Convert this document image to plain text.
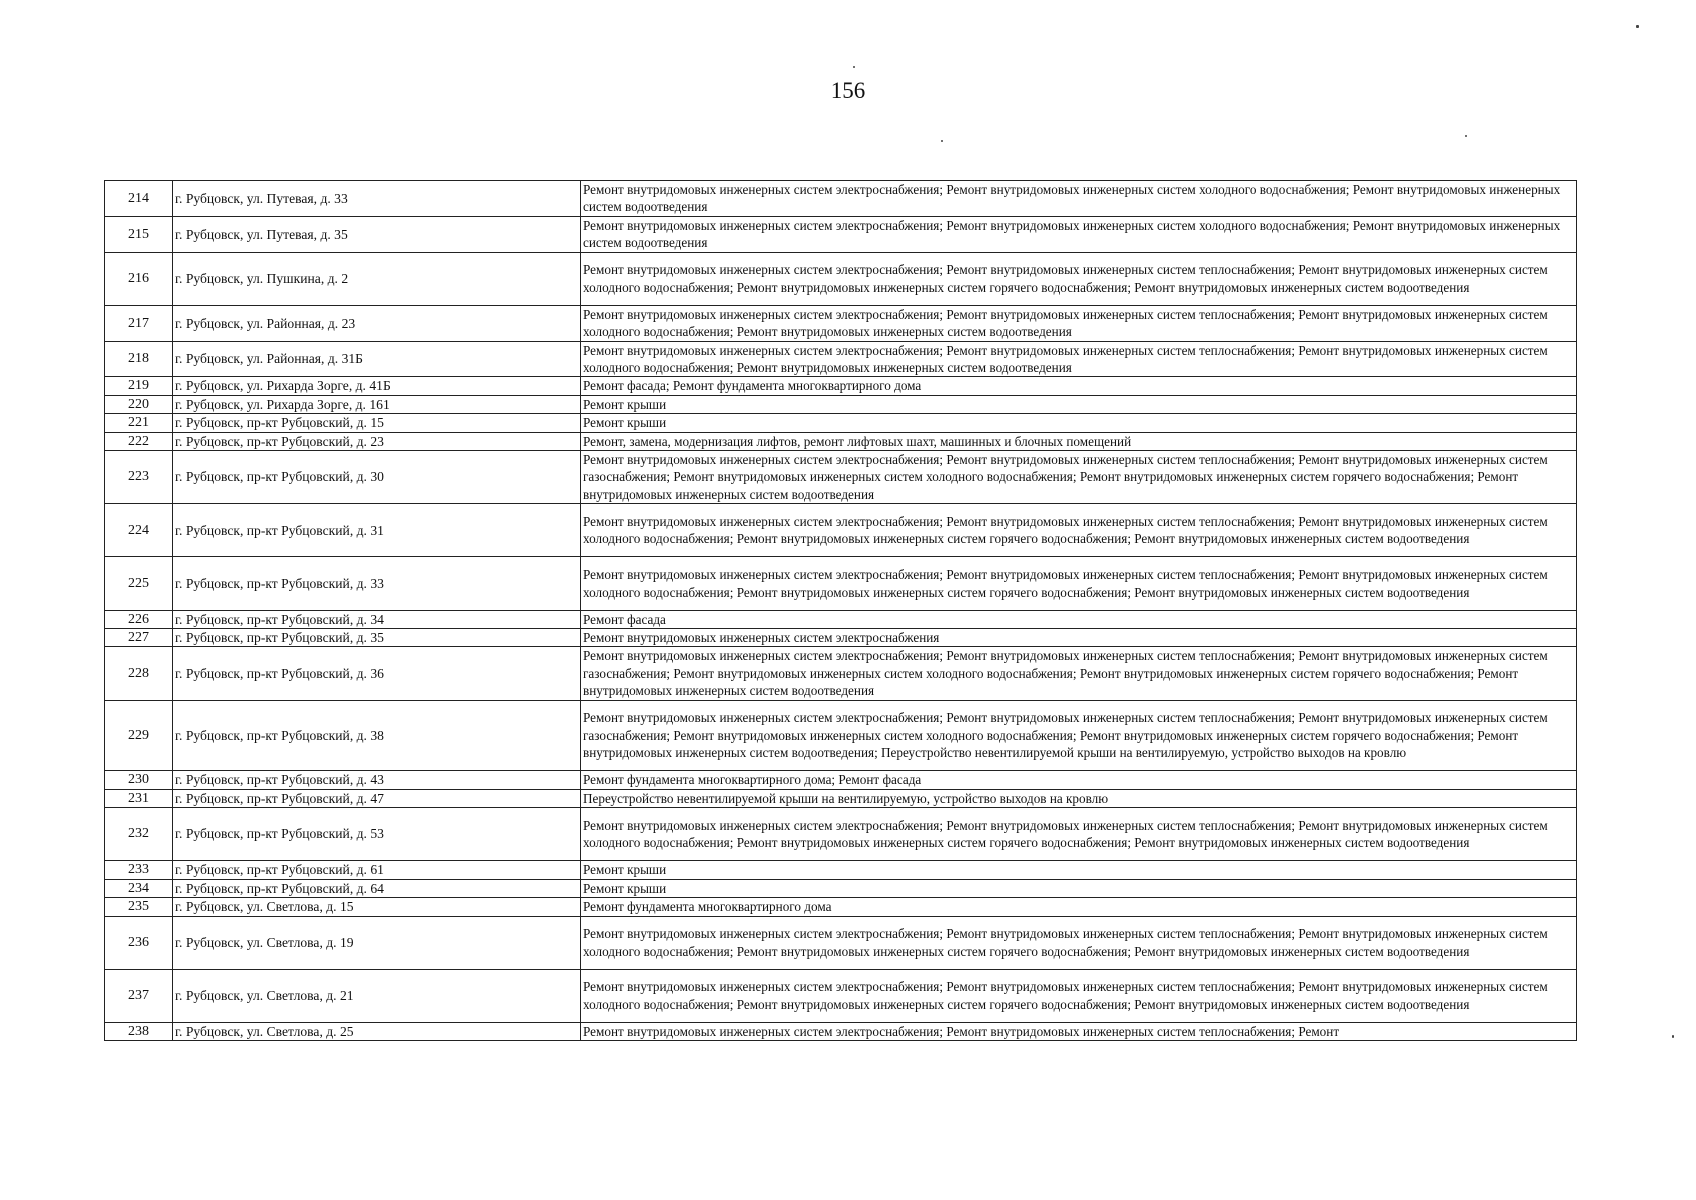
156
214	г. Рубцовск, ул. Путевая, д. 33	Ремонт внутридомовых инженерных систем электроснабжения; Ремонт внутридомовых инженерных систем холодного водоснабжения; Ремонт внутридомовых инженерных систем водоотведения
215	г. Рубцовск, ул. Путевая, д. 35	Ремонт внутридомовых инженерных систем электроснабжения; Ремонт внутридомовых инженерных систем холодного водоснабжения; Ремонт внутридомовых инженерных систем водоотведения
216	г. Рубцовск, ул. Пушкина, д. 2	Ремонт внутридомовых инженерных систем электроснабжения; Ремонт внутридомовых инженерных систем теплоснабжения; Ремонт внутридомовых инженерных систем холодного водоснабжения; Ремонт внутридомовых инженерных систем горячего водоснабжения; Ремонт внутридомовых инженерных систем водоотведения
217	г. Рубцовск, ул. Районная, д. 23	Ремонт внутридомовых инженерных систем электроснабжения; Ремонт внутридомовых инженерных систем теплоснабжения; Ремонт внутридомовых инженерных систем холодного водоснабжения; Ремонт внутридомовых инженерных систем водоотведения
218	г. Рубцовск, ул. Районная, д. 31Б	Ремонт внутридомовых инженерных систем электроснабжения; Ремонт внутридомовых инженерных систем теплоснабжения; Ремонт внутридомовых инженерных систем холодного водоснабжения; Ремонт внутридомовых инженерных систем водоотведения
219	г. Рубцовск, ул. Рихарда Зорге, д. 41Б	Ремонт фасада; Ремонт фундамента многоквартирного дома
220	г. Рубцовск, ул. Рихарда Зорге, д. 161	Ремонт крыши
221	г. Рубцовск, пр-кт Рубцовский, д. 15	Ремонт крыши
222	г. Рубцовск, пр-кт Рубцовский, д. 23	Ремонт, замена, модернизация лифтов, ремонт лифтовых шахт, машинных и блочных помещений
223	г. Рубцовск, пр-кт Рубцовский, д. 30	Ремонт внутридомовых инженерных систем электроснабжения; Ремонт внутридомовых инженерных систем теплоснабжения; Ремонт внутридомовых инженерных систем газоснабжения; Ремонт внутридомовых инженерных систем холодного водоснабжения; Ремонт внутридомовых инженерных систем горячего водоснабжения; Ремонт внутридомовых инженерных систем водоотведения
224	г. Рубцовск, пр-кт Рубцовский, д. 31	Ремонт внутридомовых инженерных систем электроснабжения; Ремонт внутридомовых инженерных систем теплоснабжения; Ремонт внутридомовых инженерных систем холодного водоснабжения; Ремонт внутридомовых инженерных систем горячего водоснабжения; Ремонт внутридомовых инженерных систем водоотведения
225	г. Рубцовск, пр-кт Рубцовский, д. 33	Ремонт внутридомовых инженерных систем электроснабжения; Ремонт внутридомовых инженерных систем теплоснабжения; Ремонт внутридомовых инженерных систем холодного водоснабжения; Ремонт внутридомовых инженерных систем горячего водоснабжения; Ремонт внутридомовых инженерных систем водоотведения
226	г. Рубцовск, пр-кт Рубцовский, д. 34	Ремонт фасада
227	г. Рубцовск, пр-кт Рубцовский, д. 35	Ремонт внутридомовых инженерных систем электроснабжения
228	г. Рубцовск, пр-кт Рубцовский, д. 36	Ремонт внутридомовых инженерных систем электроснабжения; Ремонт внутридомовых инженерных систем теплоснабжения; Ремонт внутридомовых инженерных систем газоснабжения; Ремонт внутридомовых инженерных систем холодного водоснабжения; Ремонт внутридомовых инженерных систем горячего водоснабжения; Ремонт внутридомовых инженерных систем водоотведения
229	г. Рубцовск, пр-кт Рубцовский, д. 38	Ремонт внутридомовых инженерных систем электроснабжения; Ремонт внутридомовых инженерных систем теплоснабжения; Ремонт внутридомовых инженерных систем газоснабжения; Ремонт внутридомовых инженерных систем холодного водоснабжения; Ремонт внутридомовых инженерных систем горячего водоснабжения; Ремонт внутридомовых инженерных систем водоотведения; Переустройство невентилируемой крыши на вентилируемую, устройство выходов на кровлю
230	г. Рубцовск, пр-кт Рубцовский, д. 43	Ремонт фундамента многоквартирного дома; Ремонт фасада
231	г. Рубцовск, пр-кт Рубцовский, д. 47	Переустройство невентилируемой крыши на вентилируемую, устройство выходов на кровлю
232	г. Рубцовск, пр-кт Рубцовский, д. 53	Ремонт внутридомовых инженерных систем электроснабжения; Ремонт внутридомовых инженерных систем теплоснабжения; Ремонт внутридомовых инженерных систем холодного водоснабжения; Ремонт внутридомовых инженерных систем горячего водоснабжения; Ремонт внутридомовых инженерных систем водоотведения
233	г. Рубцовск, пр-кт Рубцовский, д. 61	Ремонт крыши
234	г. Рубцовск, пр-кт Рубцовский, д. 64	Ремонт крыши
235	г. Рубцовск, ул. Светлова, д. 15	Ремонт фундамента многоквартирного дома
236	г. Рубцовск, ул. Светлова, д. 19	Ремонт внутридомовых инженерных систем электроснабжения; Ремонт внутридомовых инженерных систем теплоснабжения; Ремонт внутридомовых инженерных систем холодного водоснабжения; Ремонт внутридомовых инженерных систем горячего водоснабжения; Ремонт внутридомовых инженерных систем водоотведения
237	г. Рубцовск, ул. Светлова, д. 21	Ремонт внутридомовых инженерных систем электроснабжения; Ремонт внутридомовых инженерных систем теплоснабжения; Ремонт внутридомовых инженерных систем холодного водоснабжения; Ремонт внутридомовых инженерных систем горячего водоснабжения; Ремонт внутридомовых инженерных систем водоотведения
238	г. Рубцовск, ул. Светлова, д. 25	Ремонт внутридомовых инженерных систем электроснабжения; Ремонт внутридомовых инженерных систем теплоснабжения; Ремонт
